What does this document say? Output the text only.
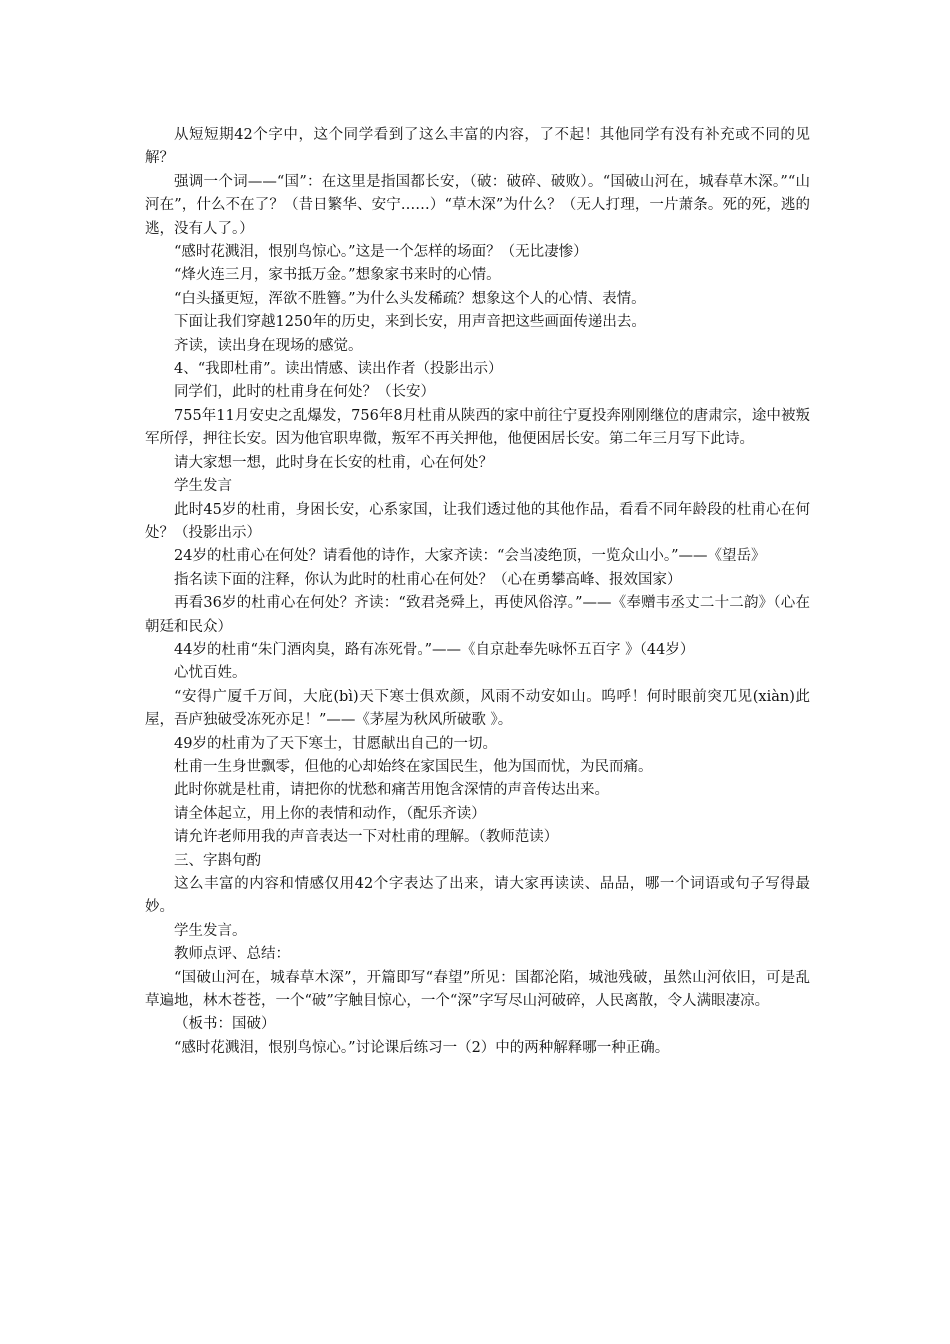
从短短期42个字中，这个同学看到了这么丰富的内容，了不起！其他同学有没有补充或不同的见解？

强调一个词——“国”：在这里是指国都长安，（破：破碎、破败）。“国破山河在，城春草木深。”“山河在”，什么不在了？（昔日繁华、安宁……）“草木深”为什么？（无人打理，一片萧条。死的死，逃的逃，没有人了。）

“感时花溅泪，恨别鸟惊心。”这是一个怎样的场面？（无比凄惨）

“烽火连三月，家书抵万金。”想象家书来时的心情。

“白头搔更短，浑欲不胜簪。”为什么头发稀疏？想象这个人的心情、表情。

下面让我们穿越1250年的历史，来到长安，用声音把这些画面传递出去。

齐读，读出身在现场的感觉。

4、“我即杜甫”。读出情感、读出作者（投影出示）

同学们，此时的杜甫身在何处？（长安）

755年11月安史之乱爆发，756年8月杜甫从陕西的家中前往宁夏投奔刚刚继位的唐肃宗，途中被叛军所俘，押往长安。因为他官职卑微，叛军不再关押他，他便困居长安。第二年三月写下此诗。

请大家想一想，此时身在长安的杜甫，心在何处？

学生发言

此时45岁的杜甫，身困长安，心系家国，让我们透过他的其他作品，看看不同年龄段的杜甫心在何处？（投影出示）

24岁的杜甫心在何处？请看他的诗作，大家齐读：“会当凌绝顶，一览众山小。”——《望岳》

指名读下面的注释，你认为此时的杜甫心在何处？（心在勇攀高峰、报效国家）

再看36岁的杜甫心在何处？齐读：“致君尧舜上，再使风俗淳。”——《奉赠韦丞丈二十二韵》（心在朝廷和民众）

44岁的杜甫“朱门酒肉臭，路有冻死骨。”——《自京赴奉先咏怀五百字 》（44岁）

心忧百姓。

“安得广厦千万间，大庇(bì)天下寒士俱欢颜，风雨不动安如山。呜呼！何时眼前突兀见(xiàn)此屋，吾庐独破受冻死亦足！”——《茅屋为秋风所破歌 》。

49岁的杜甫为了天下寒士，甘愿献出自己的一切。

杜甫一生身世飘零，但他的心却始终在家国民生，他为国而忧，为民而痛。

此时你就是杜甫，请把你的忧愁和痛苦用饱含深情的声音传达出来。

请全体起立，用上你的表情和动作，（配乐齐读）

请允许老师用我的声音表达一下对杜甫的理解。（教师范读）

三、字斟句酌

这么丰富的内容和情感仅用42个字表达了出来，请大家再读读、品品，哪一个词语或句子写得最妙。

学生发言。

教师点评、总结：

“国破山河在，城春草木深”，开篇即写“春望”所见：国都沦陷，城池残破，虽然山河依旧，可是乱草遍地，林木苍苍，一个“破”字触目惊心，一个“深”字写尽山河破碎，人民离散，令人满眼凄凉。

（板书：国破）

“感时花溅泪，恨别鸟惊心。”讨论课后练习一（2）中的两种解释哪一种正确。
